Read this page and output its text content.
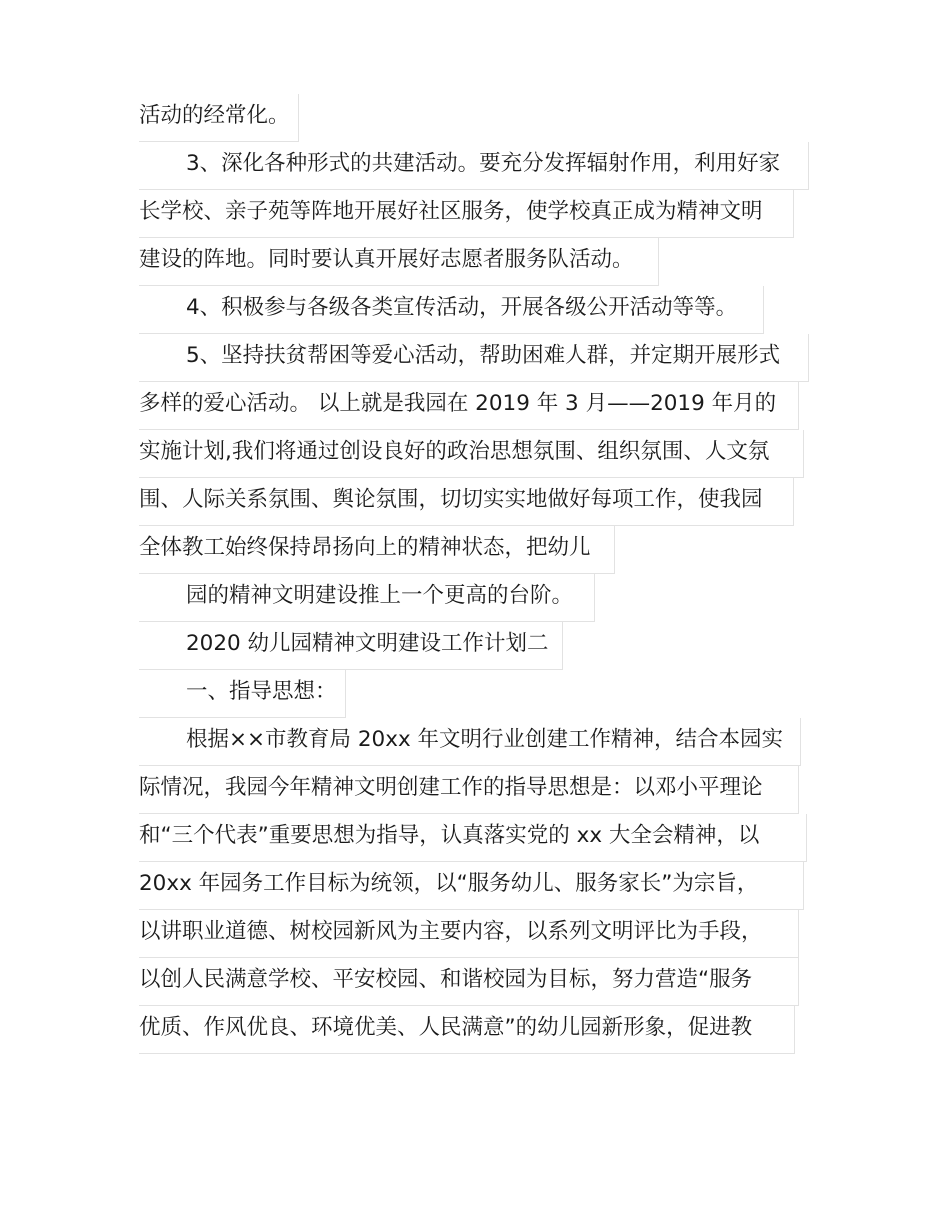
活动的经常化。
3、深化各种形式的共建活动。要充分发挥辐射作用，利用好家
长学校、亲子苑等阵地开展好社区服务，使学校真正成为精神文明
建设的阵地。同时要认真开展好志愿者服务队活动。
4、积极参与各级各类宣传活动，开展各级公开活动等等。
5、坚持扶贫帮困等爱心活动，帮助困难人群，并定期开展形式
多样的爱心活动。 以上就是我园在 2019 年 3 月——2019 年月的
实施计划,我们将通过创设良好的政治思想氛围、组织氛围、人文氛
围、人际关系氛围、舆论氛围，切切实实地做好每项工作，使我园
全体教工始终保持昂扬向上的精神状态，把幼儿
园的精神文明建设推上一个更高的台阶。
2020 幼儿园精神文明建设工作计划二
一、指导思想：
根据××市教育局 20xx 年文明行业创建工作精神，结合本园实
际情况，我园今年精神文明创建工作的指导思想是：以邓小平理论
和“三个代表”重要思想为指导，认真落实党的 xx 大全会精神，以
20xx 年园务工作目标为统领，以“服务幼儿、服务家长”为宗旨，
以讲职业道德、树校园新风为主要内容，以系列文明评比为手段，
以创人民满意学校、平安校园、和谐校园为目标，努力营造“服务
优质、作风优良、环境优美、人民满意”的幼儿园新形象，促进教
